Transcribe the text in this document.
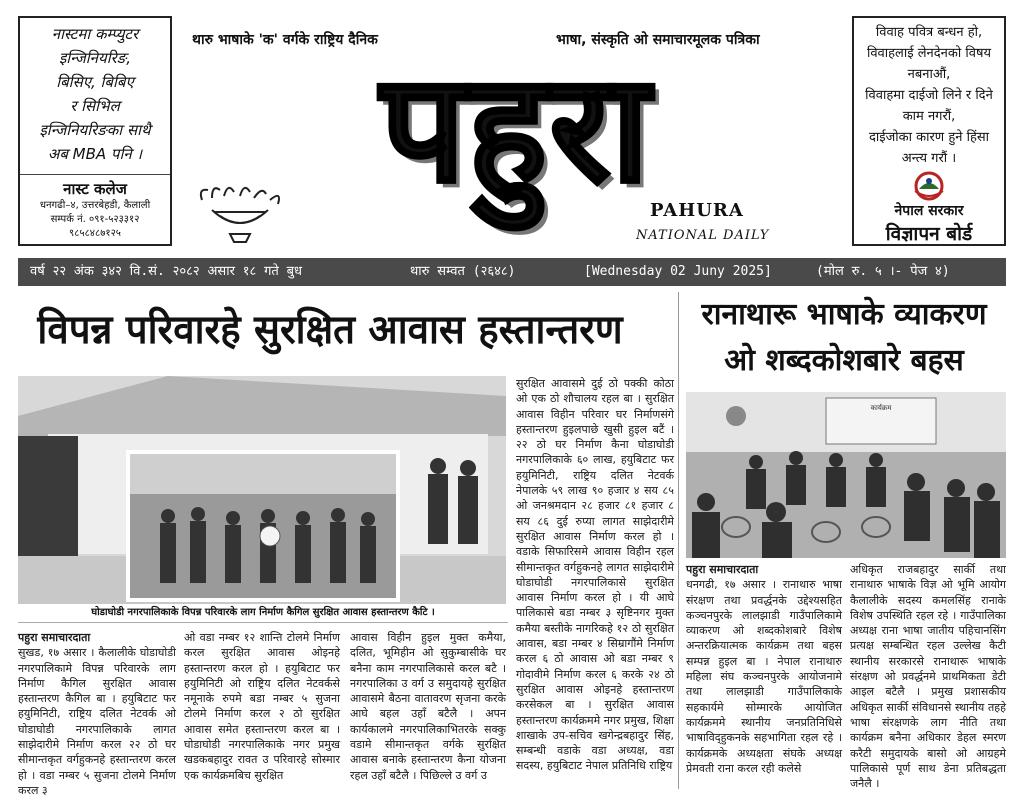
नास्टमा कम्प्युटर
इन्जिनियरिङ,
बिसिए, बिबिए
र सिभिल
इन्जिनियरिङका साथै
अब MBA पनि ।
नास्ट कलेज
धनगढी–४, उत्तरबेहडी, कैलाली
सम्पर्क नं. ०९१-५२३३१२
९८५८४८७१२५
विवाह पवित्र बन्धन हो,
विवाहलाई लेनदेनको विषय
नबनाऔं,
विवाहमा दाईजो लिने र दिने
काम नगरौं,
दाईजोका कारण हुने हिंसा
अन्त्य गरौं ।
नेपाल सरकार
विज्ञापन बोर्ड
थारु भाषाके 'क' वर्गके राष्ट्रिय दैनिक	भाषा, संस्कृति ओ समाचारमूलक पत्रिका
पहुरा
PAHURA
NATIONAL DAILY
वर्ष २२ अंक ३४२ वि.सं. २०८२ असार १८ गते बुध	थारु सम्वत (२६४८)	[Wednesday 02 Juny 2025]	(मोल रु. ५ ।- पेज ४)
विपन्न परिवारहे सुरक्षित आवास हस्तान्तरण	रानाथारू भाषाके व्याकरण ओ शब्दकोशबारे बहस
घोडाघोडी नगरपालिकाके विपन्न परिवारके लाग निर्माण कैगिल सुरक्षित आवास हस्तान्तरण कैटि ।
कार्यक्रम
पहुरा समाचारदाता

सुखड, १७ असार । कैलालीके घोडाघोडी नगरपालिकामे विपन्न परिवारके लाग निर्माण कैगिल सुरक्षित आवास हस्तान्तरण कैगिल बा । हयुबिटाट फर हयुमिनिटी, राष्ट्रिय दलित नेटवर्क ओ घोडाघोडी नगरपालिकाके लागत साझेदारीमे निर्माण करल २२ ठो घर सीमान्तकृत वर्गहुकनहे हस्तान्तरण करल हो । वडा नम्बर ५ सुजना टोलमे निर्माण करल ३

ओ वडा नम्बर १२ शान्ति टोलमे निर्माण करल सुरक्षित आवास ओइनहे हस्तान्तरण करल हो । हयुबिटाट फर हयुमिनिटी ओ राष्ट्रिय दलित नेटवर्कसे नमूनाके रुपमे बडा नम्बर ५ सुजना टोलमे निर्माण करल २ ठो सुरक्षित आवास समेत हस्तान्तरण करल बा । घोडाघोडी नगरपालिकाके नगर प्रमुख खडकबहादुर रावत उ परिवारहे सोस्मार एक कार्यक्रमबिच सुरक्षित

आवास विहीन हुइल मुक्त कमैया, दलित, भूमिहीन ओ सुकुम्बासीके घर बनैना काम नगरपालिकासे करल बटै । नगरपालिका उ वर्ग उ समुदायहे सुरक्षित आवासमे बैठना वातावरण सृजना करके आघे बहल उहाँ बटैलै । अपन कार्यकालमे नगरपालिकाभितरके सक्कु वडामे सीमान्तकृत वर्गके सुरक्षित आवास बनाके हस्तान्तरण कैना योजना रहल उहाँ बटैलै । पिछिल्ले उ वर्ग उ

सुरक्षित आवासमे दुई ठो पक्की कोठा ओ एक ठो शौचालय रहल बा । सुरक्षित आवास विहीन परिवार घर निर्माणसंगे हस्तान्तरण हुइलपाछे खुसी हुइल बटैं । २२ ठो घर निर्माण कैना घोडाघोडी नगरपालिकाके ६० लाख, हयुबिटाट फर हयुमिनिटी, राष्ट्रिय दलित नेटवर्क नेपालके ५९ लाख ९० हजार ४ सय ८५ ओ जनश्रमदान २८ हजार ८१ हजार ८ सय ८६ दुई रुप्या लागत साझेदारीमे सुरक्षित आवास निर्माण करल हो । वडाके सिफारिसमे आवास विहीन रहल सीमान्तकृत वर्गहुकनहे लागत साझेदारीमे घोडाघोडी नगरपालिकासे सुरक्षित आवास निर्माण करल हो । यी आघे पालिकासे बडा नम्बर ३ सृष्टिनगर मुक्त कमैया बस्तीके नागरिकहे १२ ठो सुरक्षित आवास, बडा नम्बर ४ सिम्रागौंमे निर्माण करल ६ ठो आवास ओ बडा नम्बर ९ गोदावीमे निर्माण करल ६ करके २४ ठो सुरक्षित आवास ओइनहे हस्तान्तरण करसेकल बा । सुरक्षित आवास हस्तान्तरण कार्यक्रममे नगर प्रमुख, शिक्षा शाखाके उप-सचिव खगेन्द्रबहादुर सिंह, सम्बन्धी वडाके वडा अध्यक्ष, वडा सदस्य, हयुबिटाट नेपाल प्रतिनिधि राष्ट्रिय

पहुरा समाचारदाता

धनगढी, १७ असार । रानाथारु भाषा संरक्षण तथा प्रवर्द्धनके उद्देश्यसहित कञ्चनपुरके लालझाडी गाउँपालिकामे व्याकरण ओ शब्दकोशबारे विशेष अन्तरक्रियात्मक कार्यक्रम तथा बहस सम्पन्न हुइल बा । नेपाल रानाथारु महिला संघ कञ्चनपुरके आयोजनामे तथा लालझाडी गाउँपालिकाके सहकार्यमे सोम्मारके आयोजित कार्यक्रममे स्थानीय जनप्रतिनिधिसे भाषाविद्हुकनके सहभागिता रहल रहे । कार्यक्रमके अध्यक्षता संघके अध्यक्ष प्रेमवती राना करल रही कलेसे

अधिकृत राजबहादुर सार्की तथा रानाथारु भाषाके विज्ञ ओ भूमि आयोग कैलालीके सदस्य कमलसिंह रानाके विशेष उपस्थिति रहल रहे । गाउँपालिका अध्यक्ष राना भाषा जातीय पहिचानसिंग प्रत्यक्ष सम्बन्धित रहल उल्लेख कैटी स्थानीय सरकारसे रानाथारू भाषाके संरक्षण ओ प्रवर्द्धनमे प्राथमिकता डेटी आइल बटैलै । प्रमुख प्रशासकीय अधिकृत सार्की संविधानसे स्थानीय तहहे भाषा संरक्षणके लाग नीति तथा कार्यक्रम बनैना अधिकार डेहल स्मरण करैटी समुदायके बासो ओ आग्रहमे पालिकासे पूर्ण साथ डेना प्रतिबद्धता जनैलै ।
